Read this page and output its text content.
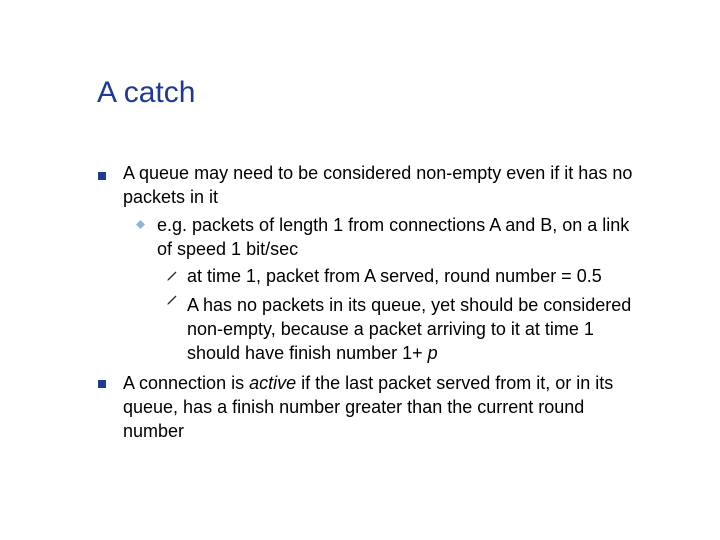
A catch
A queue may need to be considered non-empty even if it has no
packets in it
e.g. packets of length 1 from connections A and B, on a link
of speed 1 bit/sec
at time 1, packet from A served, round number = 0.5
A has no packets in its queue, yet should be considered
non-empty, because a packet arriving to it at time 1
should have finish number 1+ p
A connection is active if the last packet served from it, or in its
queue, has a finish number greater than the current round
number
